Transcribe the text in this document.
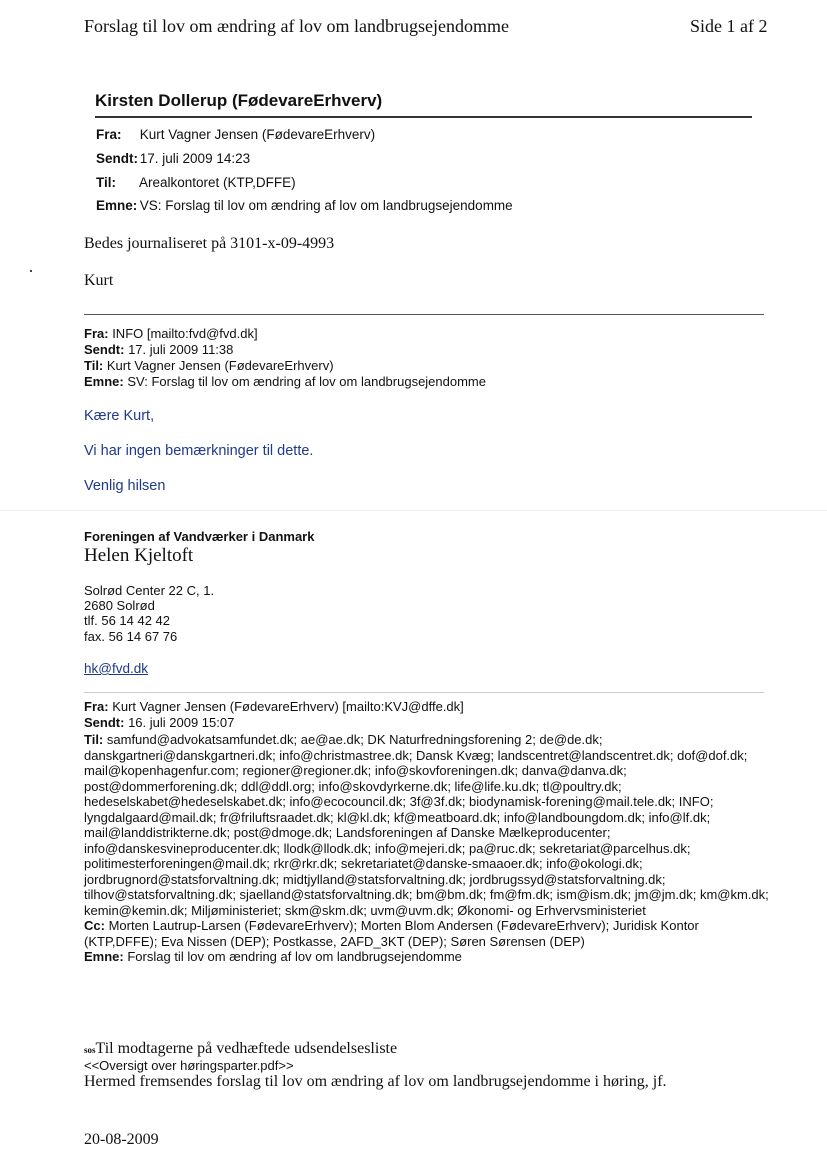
Forslag til lov om ændring af lov om landbrugsejendomme	Side 1 af 2
Kirsten Dollerup (FødevareErhverv)
Fra: Kurt Vagner Jensen (FødevareErhverv)
Sendt: 17. juli 2009 14:23
Til: Arealkontoret (KTP,DFFE)
Emne: VS: Forslag til lov om ændring af lov om landbrugsejendomme
Bedes journaliseret på 3101-x-09-4993
Kurt
Fra: INFO [mailto:fvd@fvd.dk]
Sendt: 17. juli 2009 11:38
Til: Kurt Vagner Jensen (FødevareErhverv)
Emne: SV: Forslag til lov om ændring af lov om landbrugsejendomme
Kære Kurt,
Vi har ingen bemærkninger til dette.
Venlig hilsen
Foreningen af Vandværker i Danmark
Helen Kjeltoft
Solrød Center 22 C, 1.
2680 Solrød
tlf. 56 14 42 42
fax. 56 14 67 76
hk@fvd.dk
Fra: Kurt Vagner Jensen (FødevareErhverv) [mailto:KVJ@dffe.dk]
Sendt: 16. juli 2009 15:07
Til: samfund@advokatsamfundet.dk; ae@ae.dk; DK Naturfredningsforening 2; de@de.dk; danskgartneri@danskgartneri.dk; info@christmastree.dk; Dansk Kvæg; landscentret@landscentret.dk; dof@dof.dk; mail@kopenhagenfur.com; regioner@regioner.dk; info@skovforeningen.dk; danva@danva.dk; post@dommerforening.dk; ddl@ddl.org; info@skovdyrkerne.dk; life@life.ku.dk; tl@poultry.dk; hedeselskabet@hedeselskabet.dk; info@ecocouncil.dk; 3f@3f.dk; biodynamisk-forening@mail.tele.dk; INFO; lyngdalgaard@mail.dk; fr@friluftsraadet.dk; kl@kl.dk; kf@meatboard.dk; info@landboungdom.dk; info@lf.dk; mail@landdistrikterne.dk; post@dmoge.dk; Landsforeningen af Danske Mælkeproducenter; info@danskesvineproducenter.dk; llodk@llodk.dk; info@mejeri.dk; pa@ruc.dk; sekretariat@parcelhus.dk; politimesterforeningen@mail.dk; rkr@rkr.dk; sekretariatet@danske-smaaoer.dk; info@okologi.dk; jordbrugnord@statsforvaltning.dk; midtjylland@statsforvaltning.dk; jordbrugssyd@statsforvaltning.dk; tilhov@statsforvaltning.dk; sjaelland@statsforvaltning.dk; bm@bm.dk; fm@fm.dk; ism@ism.dk; jm@jm.dk; km@km.dk; kemin@kemin.dk; Miljøministeriet; skm@skm.dk; uvm@uvm.dk; Økonomi- og Erhvervsministeriet
Cc: Morten Lautrup-Larsen (FødevareErhverv); Morten Blom Andersen (FødevareErhverv); Juridisk Kontor (KTP,DFFE); Eva Nissen (DEP); Postkasse, 2AFD_3KT (DEP); Søren Sørensen (DEP)
Emne: Forslag til lov om ændring af lov om landbrugsejendomme
sosTil modtagerne på vedhæftede udsendelsesliste
<<Oversigt over høringsparter.pdf>>
Hermed fremsendes forslag til lov om ændring af lov om landbrugsejendomme i høring, jf.
20-08-2009
